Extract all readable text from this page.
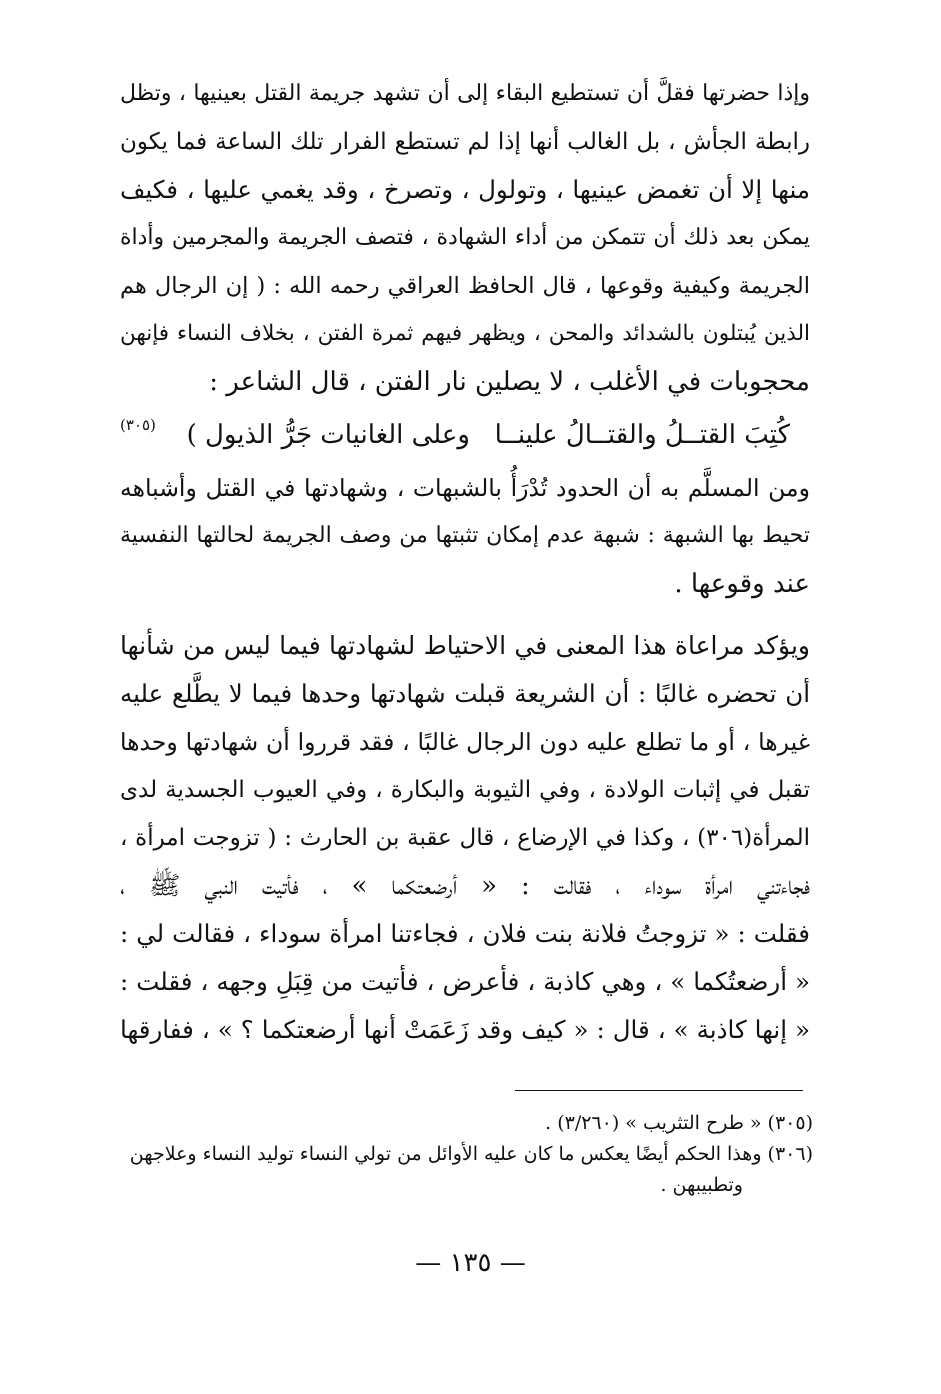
وإذا حضرتها فقلَّ أن تستطيع البقاء إلى أن تشهد جريمة القتل بعينيها ، وتظل
رابطة الجأش ، بل الغالب أنها إذا لم تستطع الفرار تلك الساعة فما يكون
منها إلا أن تغمض عينيها ، وتولول ، وتصرخ ، وقد يغمي عليها ، فكيف
يمكن بعد ذلك أن تتمكن من أداء الشهادة ، فتصف الجريمة والمجرمين وأداة
الجريمة وكيفية وقوعها ، قال الحافظ العراقي رحمه الله : ( إن الرجال هم
الذين يُبتلون بالشدائد والمحن ، ويظهر فيهم ثمرة الفتن ، بخلاف النساء فإنهن
محجوبات في الأغلب ، لا يصلين نار الفتن ، قال الشاعر :
كُتِبَ القتــلُ والقتــالُ علينــا
وعلى الغانيات جَرُّ الذيول )
(٣٠٥)
ومن المسلَّم به أن الحدود تُدْرَأُ بالشبهات ، وشهادتها في القتل وأشباهه
تحيط بها الشبهة : شبهة عدم إمكان تثبتها من وصف الجريمة لحالتها النفسية
عند وقوعها .
ويؤكد مراعاة هذا المعنى في الاحتياط لشهادتها فيما ليس من شأنها
أن تحضره غالبًا : أن الشريعة قبلت شهادتها وحدها فيما لا يطَّلع عليه
غيرها ، أو ما تطلع عليه دون الرجال غالبًا ، فقد قرروا أن شهادتها وحدها
تقبل في إثبات الولادة ، وفي الثيوبة والبكارة ، وفي العيوب الجسدية لدى
المرأة(٣٠٦) ، وكذا في الإرضاع ، قال عقبة بن الحارث : ( تزوجت امرأة ،
فجاءتني امرأة سوداء ، فقالت : « أرضعتكما » ، فأتيت النبي ﷺ ،
فقلت : « تزوجتُ فلانة بنت فلان ، فجاءتنا امرأة سوداء ، فقالت لي :
« أرضعتُكما » ، وهي كاذبة ، فأعرض ، فأتيت من قِبَلِ وجهه ، فقلت :
« إنها كاذبة » ، قال : « كيف وقد زَعَمَتْ أنها أرضعتكما ؟ » ، ففارقها
(٣٠٥) « طرح التثريب » (٣/٢٦٠) .
(٣٠٦) وهذا الحكم أيضًا يعكس ما كان عليه الأوائل من تولي النساء توليد النساء وعلاجهن
وتطبيبهن .
— ١٣٥ —
